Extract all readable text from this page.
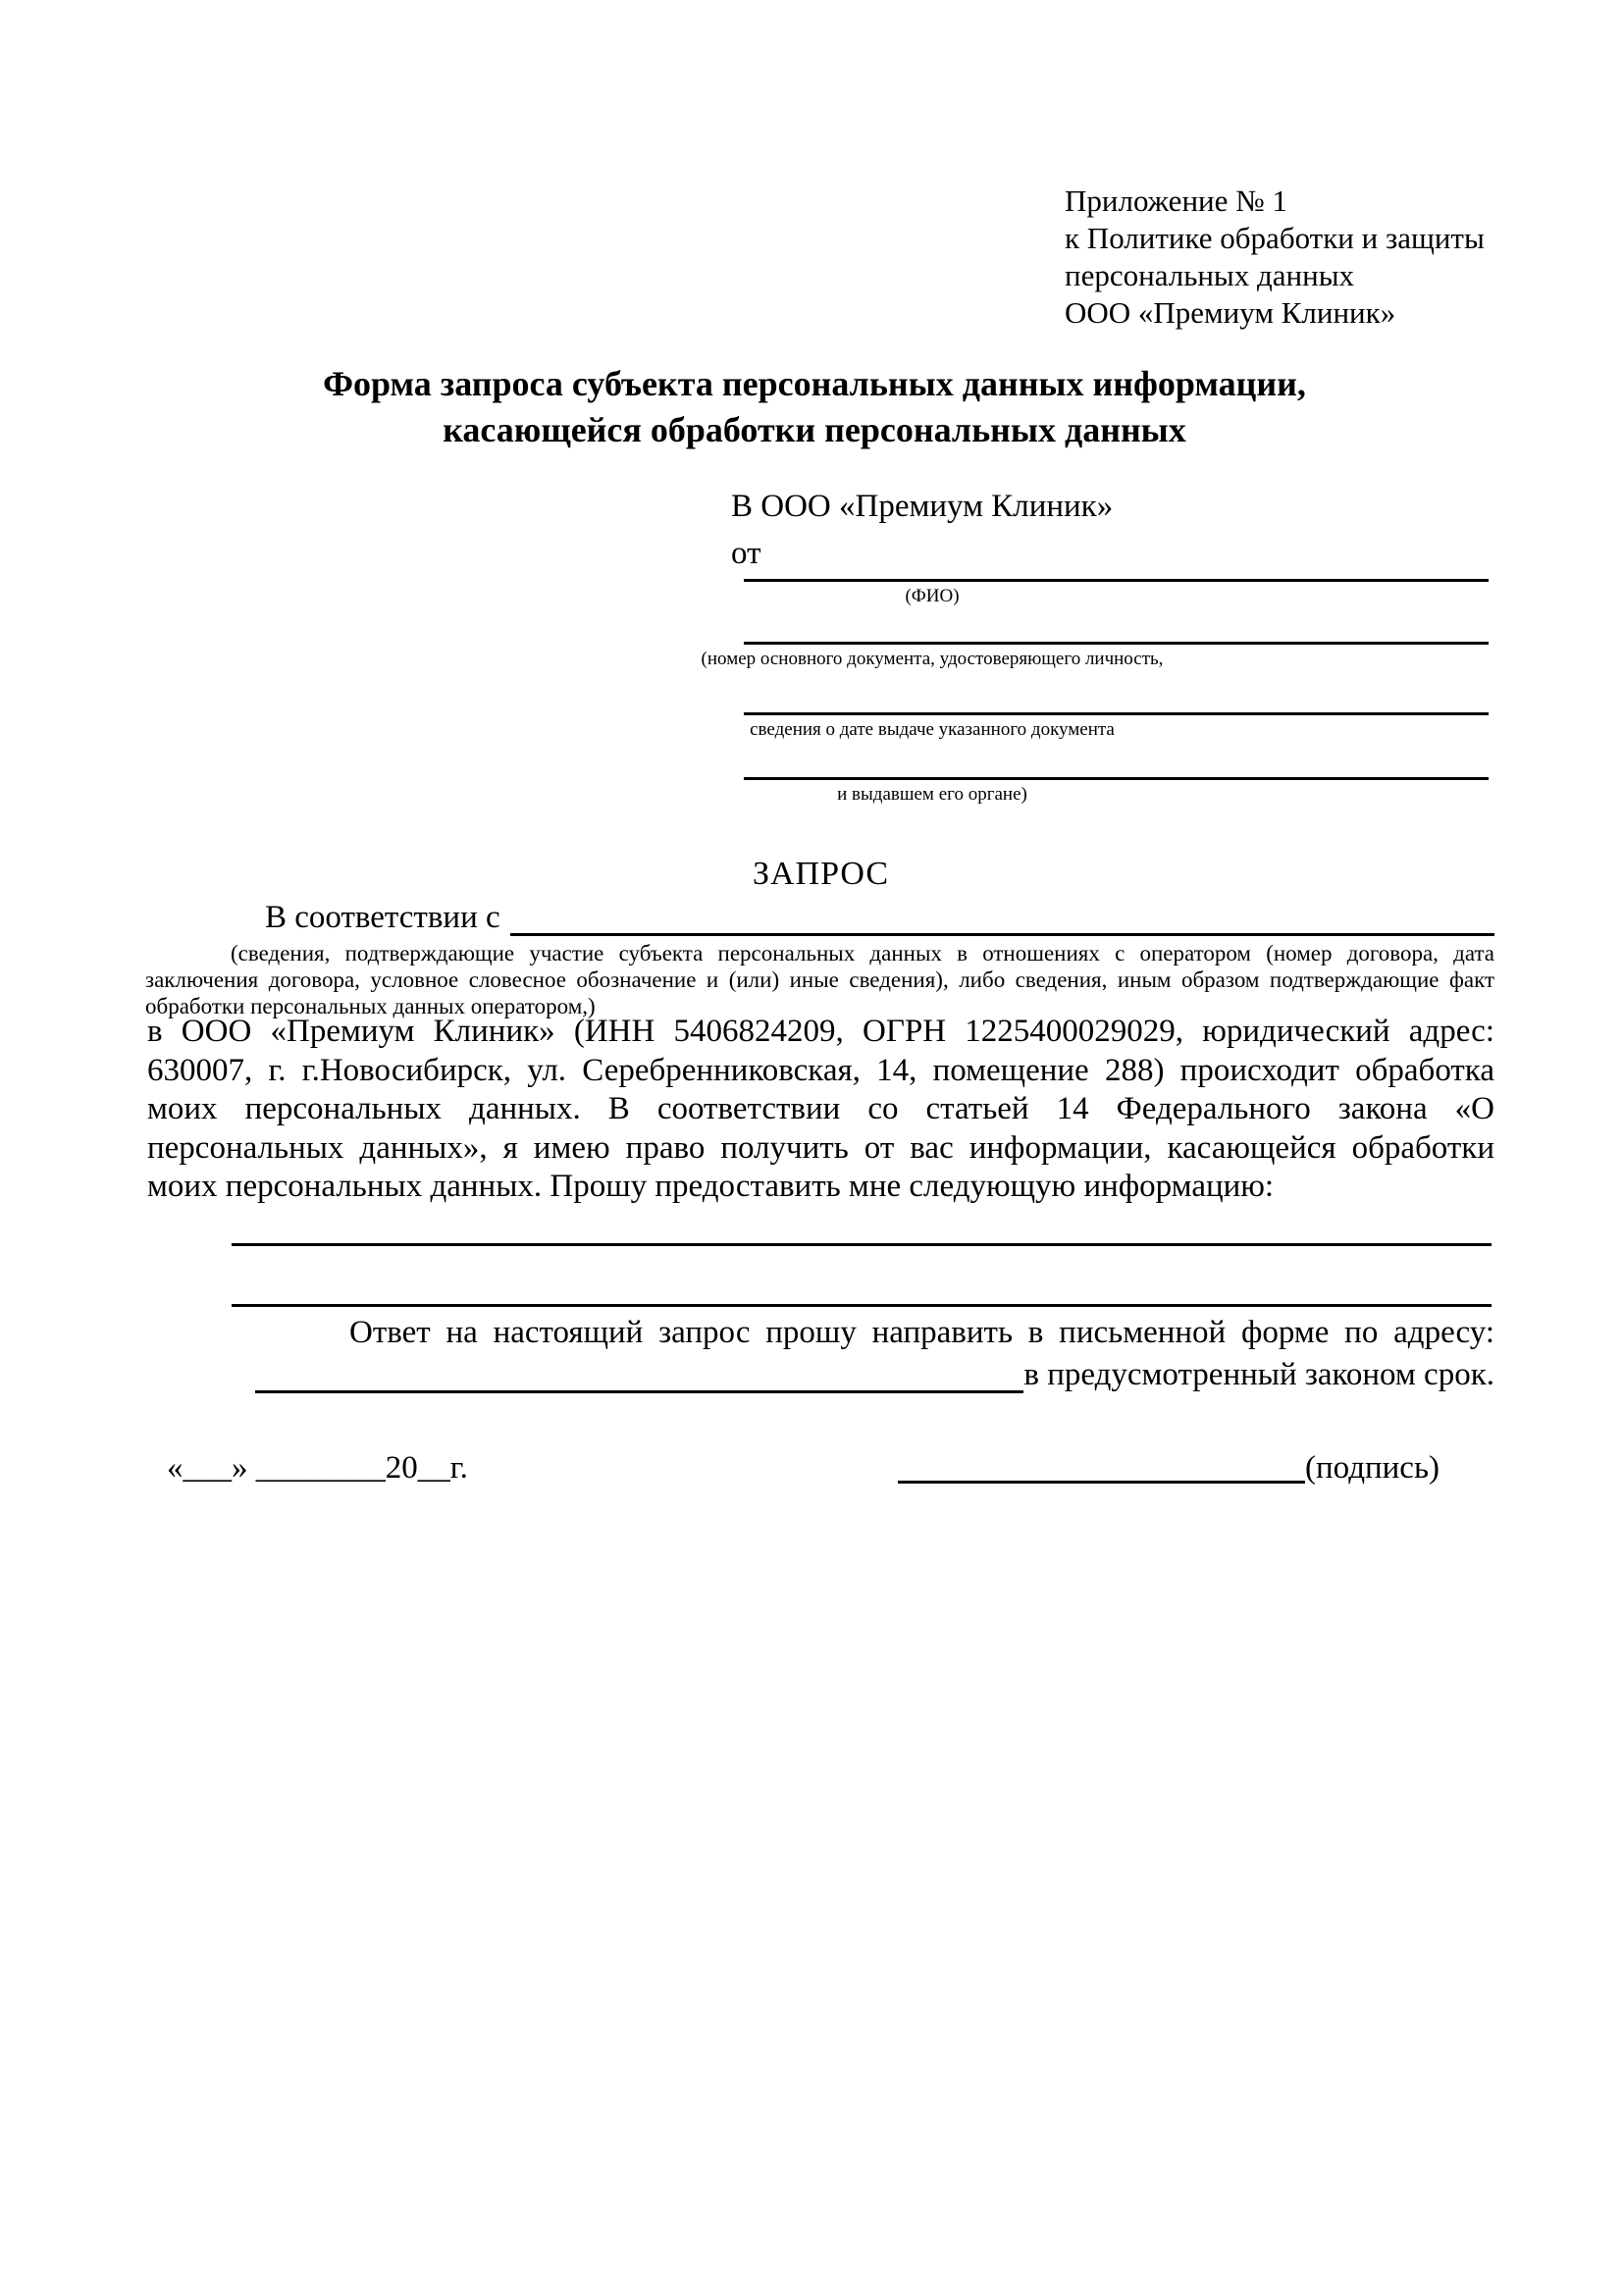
Приложение № 1
к Политике обработки и защиты
персональных данных
ООО «Премиум Клиник»
Форма запроса субъекта персональных данных информации,
касающейся обработки персональных данных
В ООО «Премиум Клиник»
от
(ФИО)
(номер основного документа, удостоверяющего личность,
сведения о дате выдаче указанного документа
и выдавшем его органе)
ЗАПРОС
В соответствии с
(сведения, подтверждающие участие субъекта персональных данных в отношениях с оператором (номер договора, дата заключения договора, условное словесное обозначение и (или) иные сведения), либо сведения, иным образом подтверждающие факт обработки персональных данных оператором,)
в ООО «Премиум Клиник» (ИНН 5406824209, ОГРН 1225400029029, юридический адрес: 630007, г. г.Новосибирск, ул. Серебренниковская, 14, помещение 288) происходит обработка моих персональных данных. В соответствии со статьей 14 Федерального закона «О персональных данных», я имею право получить от вас информации, касающейся обработки моих персональных данных. Прошу предоставить мне следующую информацию:
Ответ на настоящий запрос прошу направить в письменной форме по адресу:
в предусмотренный законом срок.
«___» ________20__г.	(подпись)
